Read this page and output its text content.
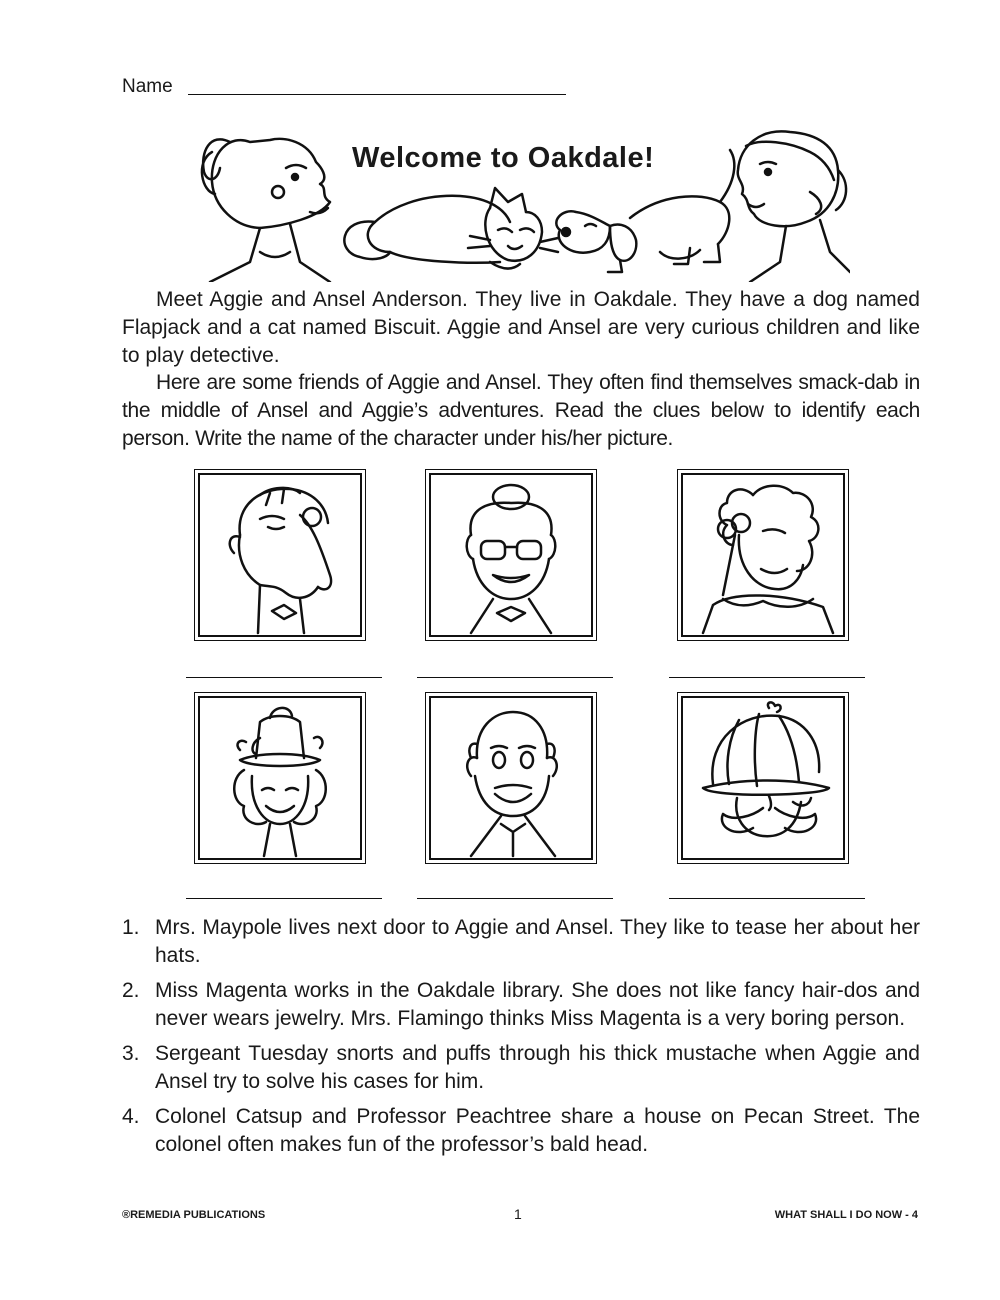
Name
Welcome to Oakdale!

Meet Aggie and Ansel Anderson. They live in Oakdale. They have a dog named Flapjack and a cat named Biscuit. Aggie and Ansel are very curious children and like to play detective.

Here are some friends of Aggie and Ansel. They often find themselves smack-dab in the middle of Ansel and Aggie’s adventures. Read the clues below to identify each person. Write the name of the character under his/her picture.

1. Mrs. Maypole lives next door to Aggie and Ansel. They like to tease her about her hats.
2. Miss Magenta works in the Oakdale library. She does not like fancy hair-dos and never wears jewelry. Mrs. Flamingo thinks Miss Magenta is a very boring person.
3. Sergeant Tuesday snorts and puffs through his thick mustache when Aggie and Ansel try to solve his cases for him.
4. Colonel Catsup and Professor Peachtree share a house on Pecan Street. The colonel often makes fun of the professor’s bald head.
®REMEDIA PUBLICATIONS	1	WHAT SHALL I DO NOW - 4
